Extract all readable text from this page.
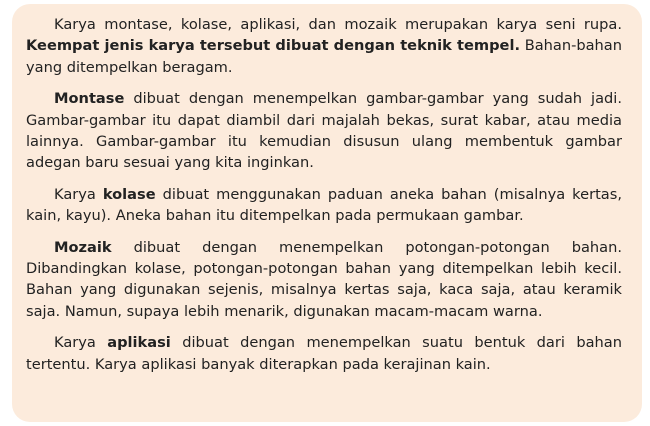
Karya montase, kolase, aplikasi, dan mozaik merupakan karya seni rupa. Keempat jenis karya tersebut dibuat dengan teknik tempel. Bahan-bahan yang ditempelkan beragam.

Montase dibuat dengan menempelkan gambar-gambar yang sudah jadi. Gambar-gambar itu dapat diambil dari majalah bekas, surat kabar, atau media lainnya. Gambar-gambar itu kemudian disusun ulang membentuk gambar adegan baru sesuai yang kita inginkan.

Karya kolase dibuat menggunakan paduan aneka bahan (misalnya kertas, kain, kayu). Aneka bahan itu ditempelkan pada permukaan gambar.

Mozaik dibuat dengan menempelkan potongan-potongan bahan. Dibandingkan kolase, potongan-potongan bahan yang ditempelkan lebih kecil. Bahan yang digunakan sejenis, misalnya kertas saja, kaca saja, atau keramik saja. Namun, supaya lebih menarik, digunakan macam-macam warna.

Karya aplikasi dibuat dengan menempelkan suatu bentuk dari bahan tertentu. Karya aplikasi banyak diterapkan pada kerajinan kain.
